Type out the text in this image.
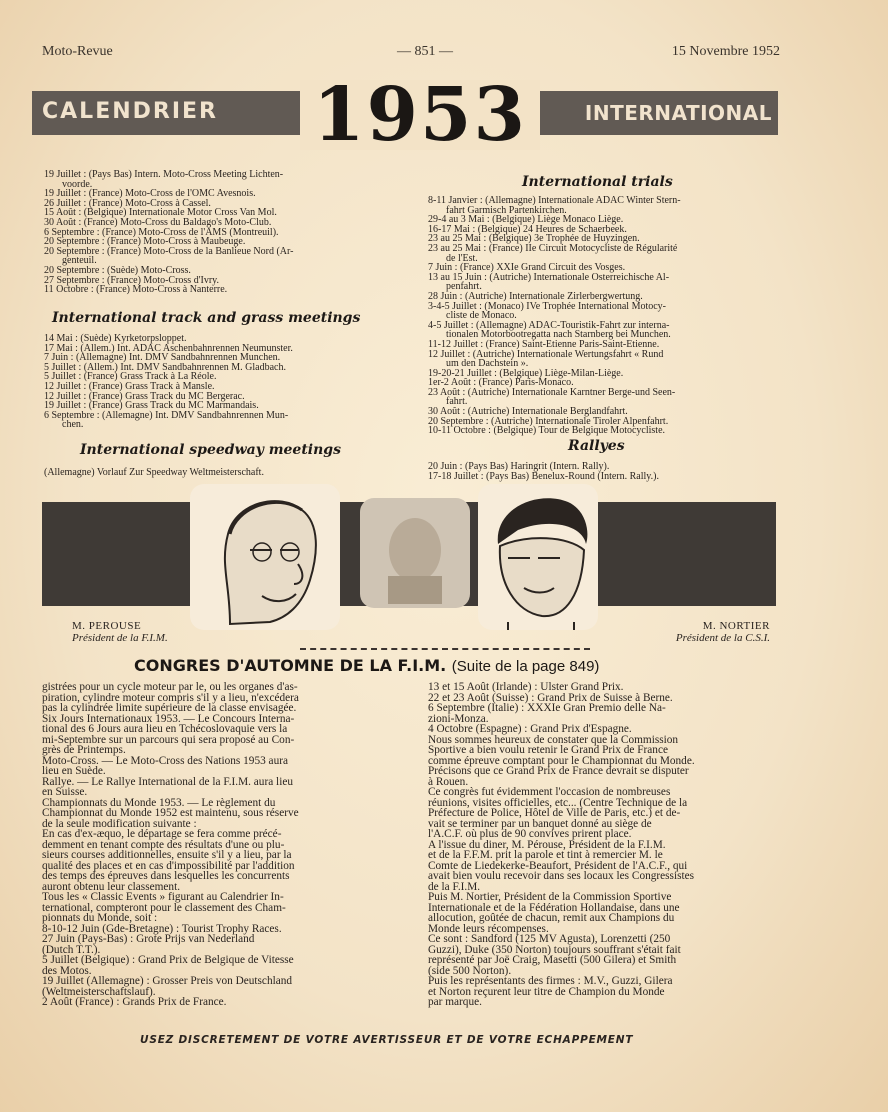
Moto-Revue	— 851 —	15 Novembre 1952
CALENDRIER	INTERNATIONAL
1953

19 Juillet : (Pays Bas) Intern. Moto-Cross Meeting Lichten-

voorde.

19 Juillet : (France) Moto-Cross de l'OMC Avesnois.

26 Juillet : (France) Moto-Cross à Cassel.

15 Août : (Belgique) Internationale Motor Cross Van Mol.

30 Août : (France) Moto-Cross du Baldago's Moto-Club.

6 Septembre : (France) Moto-Cross de l'AMS (Montreuil).

20 Septembre : (France) Moto-Cross à Maubeuge.

20 Septembre : (France) Moto-Cross de la Banlieue Nord (Ar-

genteuil.

20 Septembre : (Suède) Moto-Cross.

27 Septembre : (France) Moto-Cross d'Ivry.

11 Octobre : (France) Moto-Cross à Nanterre.

International track and grass meetings

14 Mai : (Suède) Kyrketorpsloppet.

17 Mai : (Allem.) Int. ADAC Aschenbahnrennen Neumunster.

7 Juin : (Allemagne) Int. DMV Sandbahnrennen Munchen.

5 Juillet : (Allem.) Int. DMV Sandbahnrennen M. Gladbach.

5 Juillet : (France) Grass Track à La Réole.

12 Juillet : (France) Grass Track à Mansle.

12 Juillet : (France) Grass Track du MC Bergerac.

19 Juillet : (France) Grass Track du MC Marmandais.

6 Septembre : (Allemagne) Int. DMV Sandbahnrennen Mun-

chen.

International speedway meetings

(Allemagne) Vorlauf Zur Speedway Weltmeisterschaft.

International trials

8-11 Janvier : (Allemagne) Internationale ADAC Winter Stern-

fahrt Garmisch Partenkirchen.

29-4 au 3 Mai : (Belgique) Liège Monaco Liège.

16-17 Mai : (Belgique) 24 Heures de Schaerbeek.

23 au 25 Mai : (Belgique) 3e Trophée de Huyzingen.

23 au 25 Mai : (France) IIe Circuit Motocycliste de Régularité

de l'Est.

7 Juin : (France) XXIe Grand Circuit des Vosges.

13 au 15 Juin : (Autriche) Internationale Osterreichische Al-

penfahrt.

28 Juin : (Autriche) Internationale Zirlerbergwertung.

3-4-5 Juillet : (Monaco) IVe Trophée International Motocy-

cliste de Monaco.

4-5 Juillet : (Allemagne) ADAC-Touristik-Fahrt zur interna-

tionalen Motorbootregatta nach Starnberg bei Munchen.

11-12 Juillet : (France) Saint-Etienne Paris-Saint-Etienne.

12 Juillet : (Autriche) Internationale Wertungsfahrt « Rund

um den Dachstein ».

19-20-21 Juillet : (Belgique) Liège-Milan-Liège.

1er-2 Août : (France) Paris-Monaco.

23 Août : (Autriche) Internationale Karntner Berge-und Seen-

fahrt.

30 Août : (Autriche) Internationale Berglandfahrt.

20 Septembre : (Autriche) Internationale Tiroler Alpenfahrt.

10-11 Octobre : (Belgique) Tour de Belgique Motocycliste.

Rallyes

20 Juin : (Pays Bas) Haringrit (Intern. Rally).

17-18 Juillet : (Pays Bas) Benelux-Round (Intern. Rally.).

M. PEROUSE
Président de la F.I.M.
M. NORTIER
Président de la C.S.I.
CONGRES D'AUTOMNE DE LA F.I.M. (Suite de la page 849)

gistrées pour un cycle moteur par le, ou les organes d'as-

piration, cylindre moteur compris s'il y a lieu, n'excédera

pas la cylindrée limite supérieure de la classe envisagée.

Six Jours Internationaux 1953. — Le Concours Interna-

tional des 6 Jours aura lieu en Tchécoslovaquie vers la

mi-Septembre sur un parcours qui sera proposé au Con-

grès de Printemps.

Moto-Cross. — Le Moto-Cross des Nations 1953 aura

lieu en Suède.

Rallye. — Le Rallye International de la F.I.M. aura lieu

en Suisse.

Championnats du Monde 1953. — Le règlement du

Championnat du Monde 1952 est maintenu, sous réserve

de la seule modification suivante :

En cas d'ex-æquo, le départage se fera comme précé-

demment en tenant compte des résultats d'une ou plu-

sieurs courses additionnelles, ensuite s'il y a lieu, par la

qualité des places et en cas d'impossibilité par l'addition

des temps des épreuves dans lesquelles les concurrents

auront obtenu leur classement.

Tous les « Classic Events » figurant au Calendrier In-

ternational, compteront pour le classement des Cham-

pionnats du Monde, soit :

8-10-12 Juin (Gde-Bretagne) : Tourist Trophy Races.

27 Juin (Pays-Bas) : Grote Prijs van Nederland

(Dutch T.T.).

5 Juillet (Belgique) : Grand Prix de Belgique de Vitesse

des Motos.

19 Juillet (Allemagne) : Grosser Preis von Deutschland

(Weltmeisterschaftslauf).

2 Août (France) : Grands Prix de France.

13 et 15 Août (Irlande) : Ulster Grand Prix.

22 et 23 Août (Suisse) : Grand Prix de Suisse à Berne.

6 Septembre (Italie) : XXXIe Gran Premio delle Na-

zioni-Monza.

4 Octobre (Espagne) : Grand Prix d'Espagne.

Nous sommes heureux de constater que la Commission

Sportive a bien voulu retenir le Grand Prix de France

comme épreuve comptant pour le Championnat du Monde.

Précisons que ce Grand Prix de France devrait se disputer

à Rouen.

Ce congrès fut évidemment l'occasion de nombreuses

réunions, visites officielles, etc... (Centre Technique de la

Préfecture de Police, Hôtel de Ville de Paris, etc.) et de-

vait se terminer par un banquet donné au siège de

l'A.C.F. où plus de 90 convives prirent place.

A l'issue du diner, M. Pérouse, Président de la F.I.M.

et de la F.F.M. prit la parole et tint à remercier M. le

Comte de Liedekerke-Beaufort, Président de l'A.C.F., qui

avait bien voulu recevoir dans ses locaux les Congressistes

de la F.I.M.

Puis M. Nortier, Président de la Commission Sportive

Internationale et de la Fédération Hollandaise, dans une

allocution, goûtée de chacun, remit aux Champions du

Monde leurs récompenses.

Ce sont : Sandford (125 MV Agusta), Lorenzetti (250

Guzzi), Duke (350 Norton) toujours souffrant s'était fait

représenté par Joë Craig, Masetti (500 Gilera) et Smith

(side 500 Norton).

Puis les représentants des firmes : M.V., Guzzi, Gilera

et Norton reçurent leur titre de Champion du Monde

par marque.

USEZ DISCRETEMENT DE VOTRE AVERTISSEUR ET DE VOTRE ECHAPPEMENT
